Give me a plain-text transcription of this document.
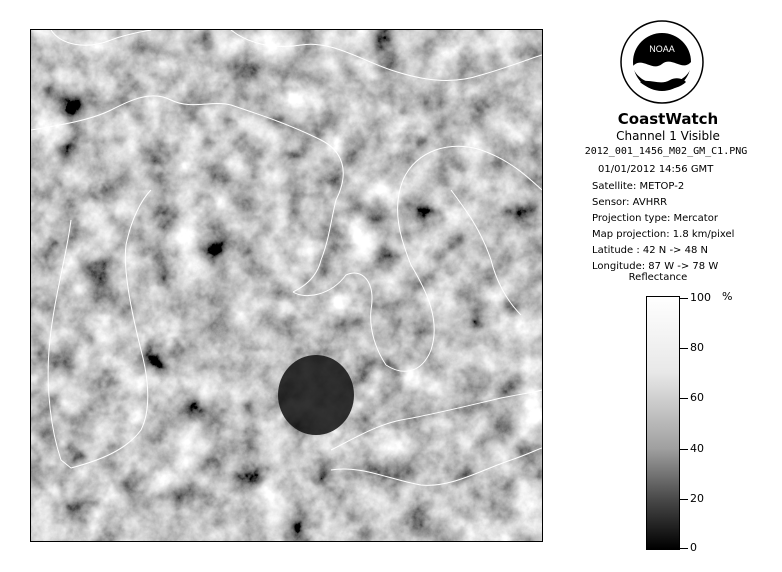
NOAA
CoastWatch
Channel 1 Visible
2012_001_1456_M02_GM_C1.PNG
01/01/2012 14:56 GMT
Satellite: METOP-2
Sensor: AVHRR
Projection type: Mercator
Map projection: 1.8 km/pixel
Latitude : 42 N -> 48 N
Longitude: 87 W -> 78 W
Reflectance
%
100
80
60
40
20
0
